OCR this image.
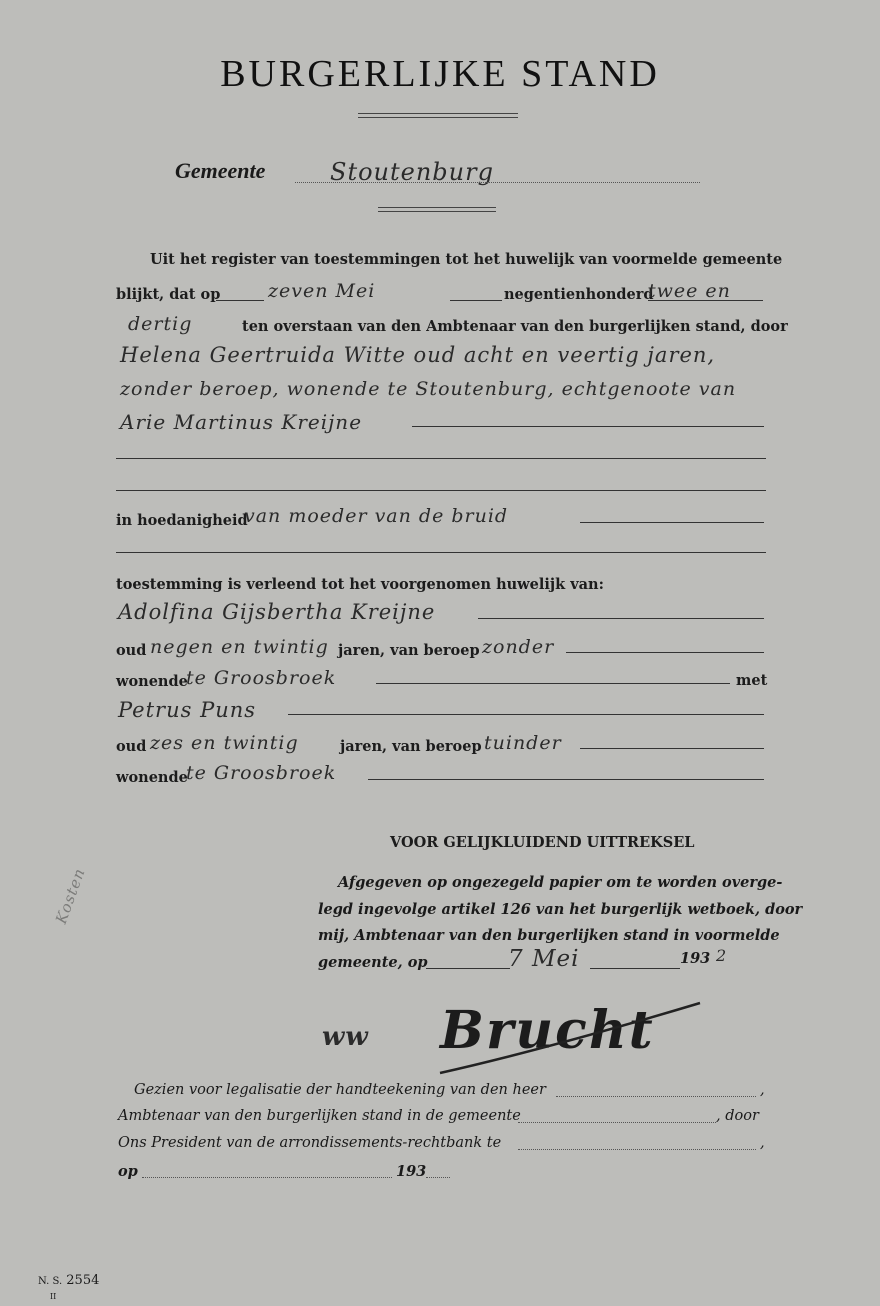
BURGERLIJKE STAND
Gemeente	Stoutenburg
Uit het register van toestemmingen tot het huwelijk van voormelde gemeente
blijkt, dat op	zeven Mei	negentienhonderd
twee en
dertig	ten overstaan van den Ambtenaar van den burgerlijken stand, door
Helena Geertruida Witte oud acht en veertig jaren,
zonder beroep, wonende te Stoutenburg, echtgenoote van
Arie Martinus Kreijne
in hoedanigheid
van moeder van de bruid
toestemming is verleend tot het voorgenomen huwelijk van:
Adolfina Gijsbertha Kreijne
oud negen en twintig jaren, van beroep zonder
wonende
te Groosbroek	met
Petrus Puns
oud zes en twintig	jaren, van beroep tuinder
wonende
te Groosbroek
VOOR GELIJKLUIDEND UITTREKSEL
Afgegeven op ongezegeld papier om te worden overge-
legd ingevolge artikel 126 van het burgerlijk wetboek, door
mij, Ambtenaar van den burgerlijken stand in voormelde
gemeente, op	7 Mei	193 2
ww Brucht
Kosten
Gezien voor legalisatie der handteekening van den heer	,
Ambtenaar van den burgerlijken stand in de gemeente	, door
Ons President van de arrondissements-rechtbank te	,
op	193
N. S. 2554
II
